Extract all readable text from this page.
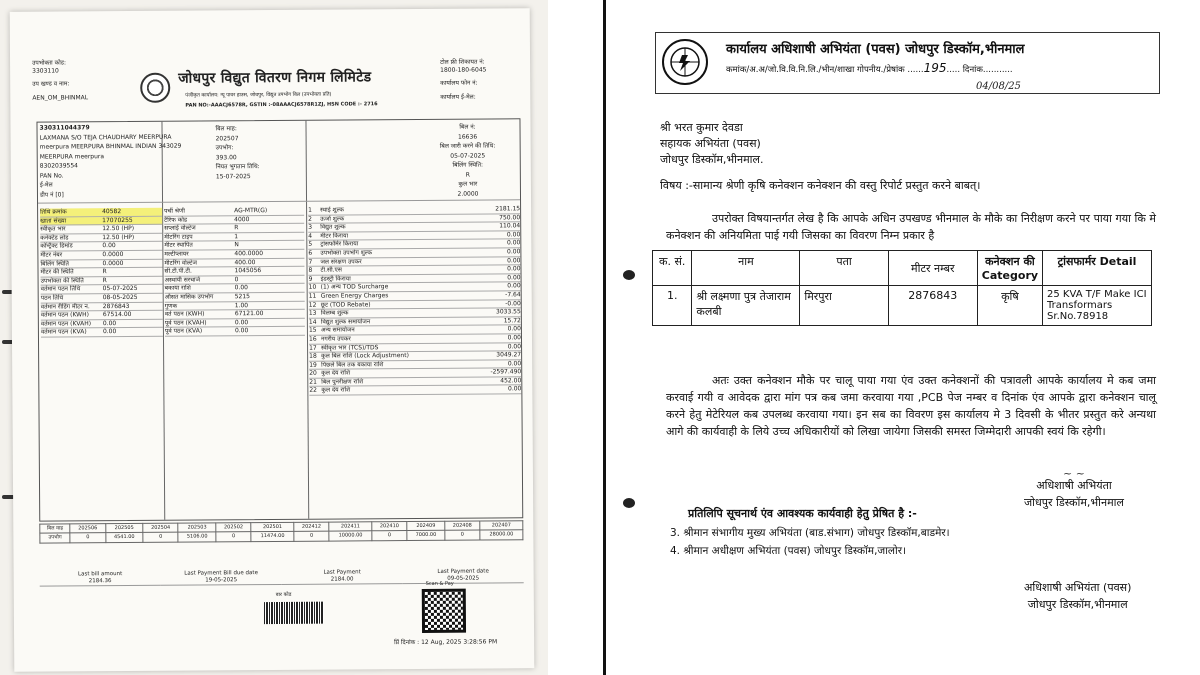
उपभोक्ता कोड:
3303110
उप खण्ड व नाम:
AEN_OM_BHINMAL
जोधपुर विद्युत वितरण निगम लिमिटेड
पंजीकृत कार्यालय: न्यू पावर हाउस, जोधपुर, विद्युत उपभोग बिल (उपभोक्ता प्रति)
PAN NO:-AAACJ6578R, GSTIN :-08AAACJ6578R1ZJ, HSN CODE :- 2716
टोल फ्री शिकायत नं:
1800-180-6045
कार्यालय फोन नं:
कार्यालय ई-मेल:
330311044379
LAXMANA S/O TEJA CHAUDHARY MEERPURA
meerpura MEERPURA BHINMAL INDIAN 343029
MEERPURA meerpura
8302039554
PAN No.
ई-मेल
डीप नं [0]
बिल माह:
202507
उपभोग:
393.00
नियत भुगतान तिथि:
15-07-2025
बिल नं:
16636
बिल जारी करने की तिथि:
05-07-2025
बिलिंग स्थिति:
R
कुल भार
2.0000
तिथि क्रमांक	40582
खाता संख्या	17070255
स्वीकृत भार	12.50 (HP)
कनेक्टेड लोड	12.50 (HP)
कॉन्ट्रैक्ट डिमांड	0.00
मीटर नंबर	0.0000
बिलिंग स्थिति	0.0000
मीटर की स्थिति	R
उपभोक्ता की स्थिति	R
वर्तमान पठन तिथि	05-07-2025
पठन तिथि	08-05-2025
वर्तमान रीडिंग मीटर न.	2876843
वर्तमान पठन (KWH)	67514.00
वर्तमान पठन (KVAH)	0.00
वर्तमान पठन (KVA)	0.00
पर्ची श्रेणी	AG-MTR(G)
टैरिफ कोड	4000
सप्लाई वोल्टेज	R
मीटरिंग टाइप	1
मीटर स्थापित	N
मल्टीप्लायर	400.0000
मीटरिंग वोल्टेज	400.00
सी.टी.पी.टी.	1045056
अस्थायी सरचार्ज	0
बकाया राशि	0.00
औसत मासिक उपभोग	5215
गुणक	1.00
वर्त पठन (KWH)	67121.00
पूर्व पठन (KVAH)	0.00
पूर्व पठन (KVA)	0.00
1	स्थाई शुल्क	2181.15
2	ऊर्जा शुल्क	750.00
3	विद्युत शुल्क	110.04
4	मीटर किराया	0.00
5	ट्रांसफॉर्मर किराया	0.00
6	उपभोक्ता उपभोग शुल्क	0.00
7	जल संरक्षण उपकर	0.00
8	टी.सी.एस	0.00
9	इंडस्ट्री किराया	0.00
10 (1) अन्य TOD Surcharge	0.00
11 Green Energy Charges	-7.64
12 छूट (TOD Rebate)	-0.00
13 विलम्ब शुल्क	3033.55
14 विद्युत शुल्क समायोजन	15.72
15 अन्य समायोजन	0.00
16 नगरीय उपकर	0.00
17 स्वीकृत भार (TCS)/TDS	0.00
18 कुल बिल राशि (Lock Adjustment)	3049.27
19 पिछले बिल तक बकाया राशि	0.00
20 कुल देय राशि	-2597.490
21 बिल पुनरीक्षण राशि	452.00
22 कुल देय राशि	0.00
बिल माह	202506	202505	202504	202503	202502	202501	202412	202411	202410	202409	202408	202407
उपभोग	0	4541.00	0	5106.00	0	11474.00	0	10000.00	0	7000.00	0	28000.00
Last bill amount
2184.36
Last Payment Bill due date
19-05-2025
Last Payment
2184.00
Last Payment date
09-05-2025
बार कोड
Scan & Pay
प्रिं दिनांक : 12 Aug, 2025 3:28:56 PM
कार्यालय अधिशाषी अभियंता (पवस) जोधपुर डिस्कॉम,भीनमाल
कमांक/अ.अ/जो.वि.वि.नि.लि./भीन/शाखा गोपनीय./प्रेषांक ......195..... दिनांक...........
04/08/25
श्री भरत कुमार देवडा
सहायक अभियंता (पवस)
जोधपुर डिस्कॉम,भीनमाल.
विषय :-सामान्य श्रेणी कृषि कनेक्शन कनेक्शन की वस्तु रिपोर्ट प्रस्तुत करने बाबत्।
उपरोक्त विषयान्तर्गत लेख है कि आपके अधिन उपखण्ड भीनमाल के मौके का निरीक्षण करने पर पाया गया कि मे कनेक्शन की अनियमिता पाई गयी जिसका का विवरण निम्न प्रकार है
क. सं.	नाम	पता	मीटर नम्बर	कनेक्शन की Category	ट्रांसफार्मर Detail
1.	श्री लक्ष्मणा पुत्र तेजाराम कलबी	मिरपुरा	2876843	कृषि	25 KVA T/F Make ICI Transformars Sr.No.78918
अतः उक्त कनेक्शन मौके पर चालू पाया गया एंव उक्त कनेक्शनों की पत्रावली आपके कार्यालय मे कब जमा करवाई गयी व आवेदक द्वारा मांग पत्र कब जमा करवाया गया ,PCB पेज नम्बर व दिनांक एंव आपके द्वारा कनेक्शन चालू करने हेतु मेटेरियल कब उपलब्ध करवाया गया। इन सब का विवरण इस कार्यालय मे 3 दिवसी के भीतर प्रस्तुत करे अन्यथा आगे की कार्यवाही के लिये उच्च अधिकारीयों को लिखा जायेगा जिसकी समस्त जिम्मेदारी आपकी स्वयं कि रहेगी।
~ ~
अधिशाषी अभियंता
जोधपुर डिस्कॉम,भीनमाल
प्रतिलिपि सूचनार्थ एंव आवश्यक कार्यवाही हेतु प्रेषित है :-
3. श्रीमान संभागीय मुख्य अभियंता (बाड.संभाग) जोधपुर डिस्कॉम,बाडमेर।
4. श्रीमान अधीक्षण अभियंता (पवस) जोधपुर डिस्कॉम,जालोर।
अधिशाषी अभियंता (पवस)
जोधपुर डिस्कॉम,भीनमाल
